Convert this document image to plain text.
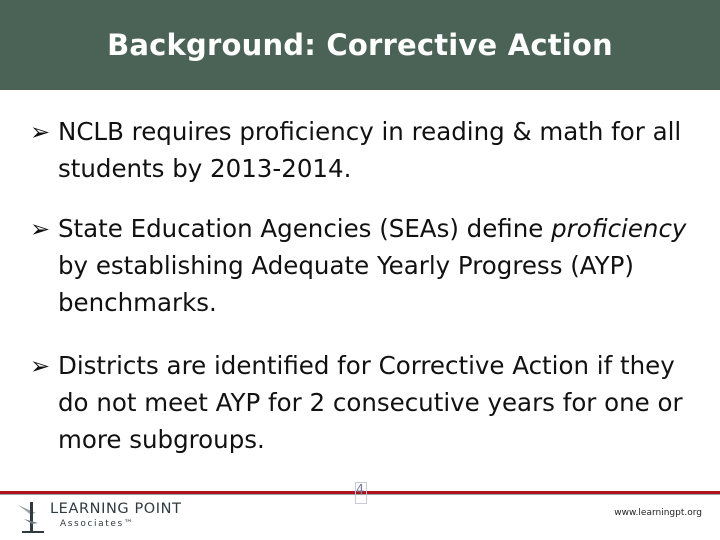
Background: Corrective Action
➢ NCLB requires proficiency in reading & math for all students by 2013-2014.
➢ State Education Agencies (SEAs) define proficiency by establishing Adequate Yearly Progress (AYP) benchmarks.
➢ Districts are identified for Corrective Action if they do not meet AYP for 2 consecutive years for one or more subgroups.
LEARNING POINT
Associates™
4
www.learningpt.org
